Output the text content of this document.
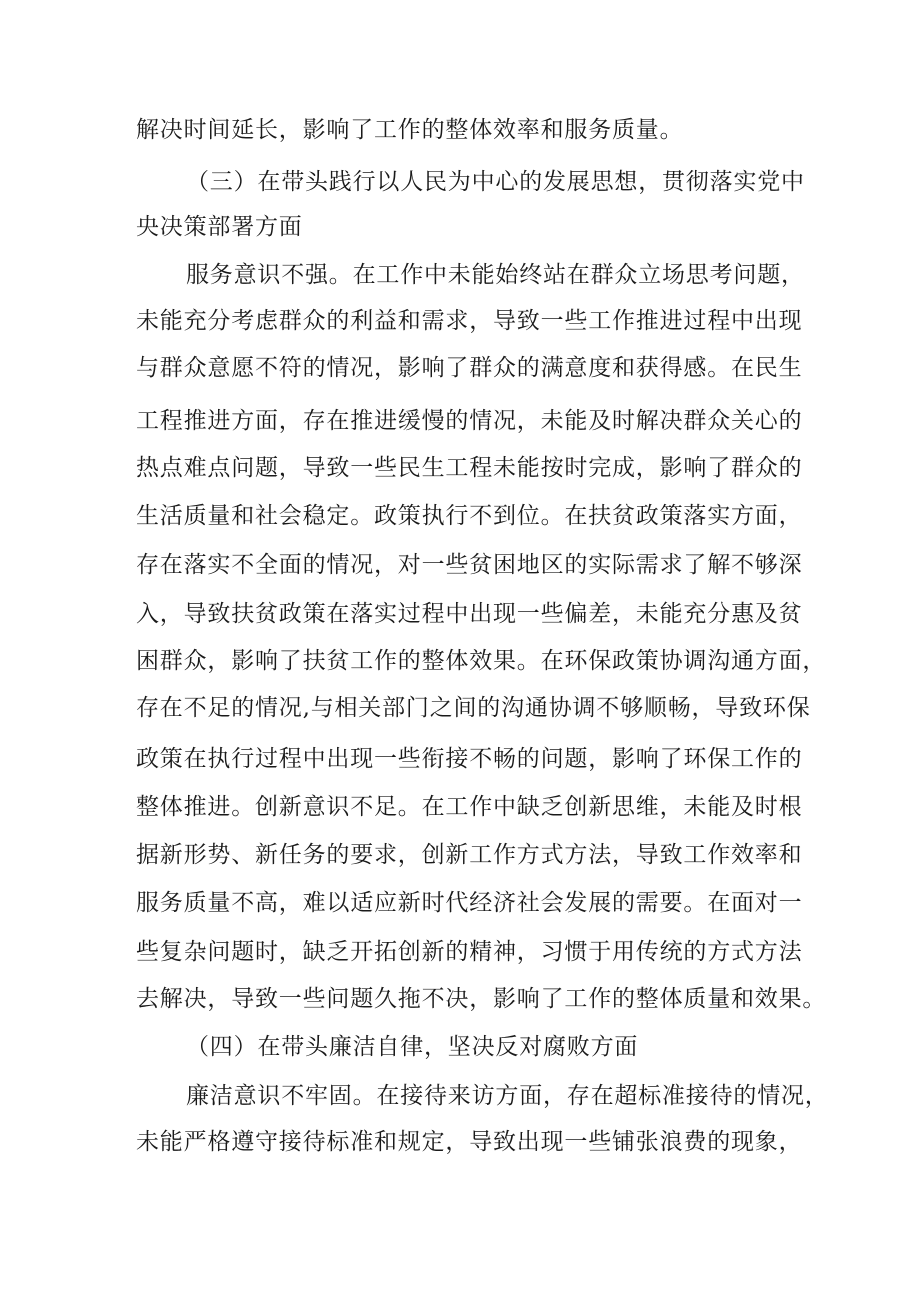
解决时间延长，影响了工作的整体效率和服务质量。
（三）在带头践行以人民为中心的发展思想，贯彻落实党中
央决策部署方面
服务意识不强。在工作中未能始终站在群众立场思考问题，
未能充分考虑群众的利益和需求，导致一些工作推进过程中出现
与群众意愿不符的情况，影响了群众的满意度和获得感。在民生
工程推进方面，存在推进缓慢的情况，未能及时解决群众关心的
热点难点问题，导致一些民生工程未能按时完成，影响了群众的
生活质量和社会稳定。政策执行不到位。在扶贫政策落实方面，
存在落实不全面的情况，对一些贫困地区的实际需求了解不够深
入，导致扶贫政策在落实过程中出现一些偏差，未能充分惠及贫
困群众，影响了扶贫工作的整体效果。在环保政策协调沟通方面，
存在不足的情况,与相关部门之间的沟通协调不够顺畅，导致环保
政策在执行过程中出现一些衔接不畅的问题，影响了环保工作的
整体推进。创新意识不足。在工作中缺乏创新思维，未能及时根
据新形势、新任务的要求，创新工作方式方法，导致工作效率和
服务质量不高，难以适应新时代经济社会发展的需要。在面对一
些复杂问题时，缺乏开拓创新的精神，习惯于用传统的方式方法
去解决，导致一些问题久拖不决，影响了工作的整体质量和效果。
（四）在带头廉洁自律，坚决反对腐败方面
廉洁意识不牢固。在接待来访方面，存在超标准接待的情况，
未能严格遵守接待标准和规定，导致出现一些铺张浪费的现象，
